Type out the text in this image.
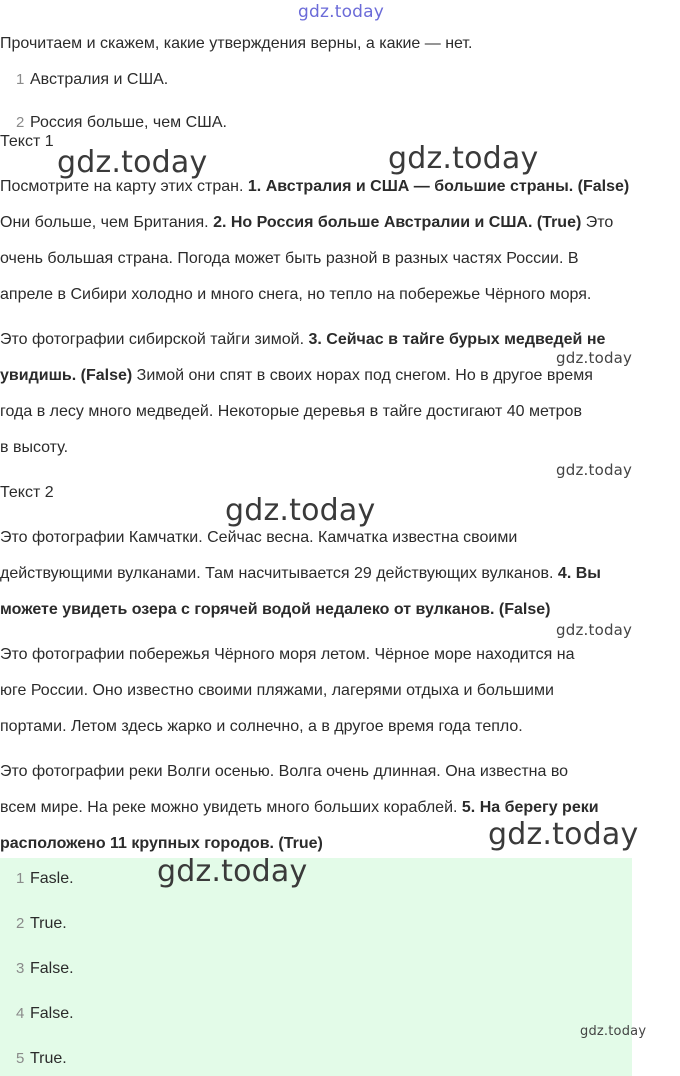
gdz.today
Прочитаем и скажем, какие утверждения верны, а какие — нет.
1 Австралия и США.
2 Россия больше, чем США.
Текст 1
Посмотрите на карту этих стран. 1. Австралия и США — большие страны. (False)
Они больше, чем Британия. 2. Но Россия больше Австралии и США. (True) Это
очень большая страна. Погода может быть разной в разных частях России. В
апреле в Сибири холодно и много снега, но тепло на побережье Чёрного моря.
Это фотографии сибирской тайги зимой. 3. Сейчас в тайге бурых медведей не
увидишь. (False) Зимой они спят в своих норах под снегом. Но в другое время
года в лесу много медведей. Некоторые деревья в тайге достигают 40 метров
в высоту.
Текст 2
Это фотографии Камчатки. Сейчас весна. Камчатка известна своими
действующими вулканами. Там насчитывается 29 действующих вулканов. 4. Вы
можете увидеть озера с горячей водой недалеко от вулканов. (False)
Это фотографии побережья Чёрного моря летом. Чёрное море находится на
юге России. Оно известно своими пляжами, лагерями отдыха и большими
портами. Летом здесь жарко и солнечно, а в другое время года тепло.
Это фотографии реки Волги осенью. Волга очень длинная. Она известна во
всем мире. На реке можно увидеть много больших кораблей. 5. На берегу реки
расположено 11 крупных городов. (True)
1 Fasle.
2 True.
3 False.
4 False.
5 True.
gdz.today	gdz.today
gdz.today
gdz.today
gdz.today
gdz.today
gdz.today
gdz.today
gdz.today
